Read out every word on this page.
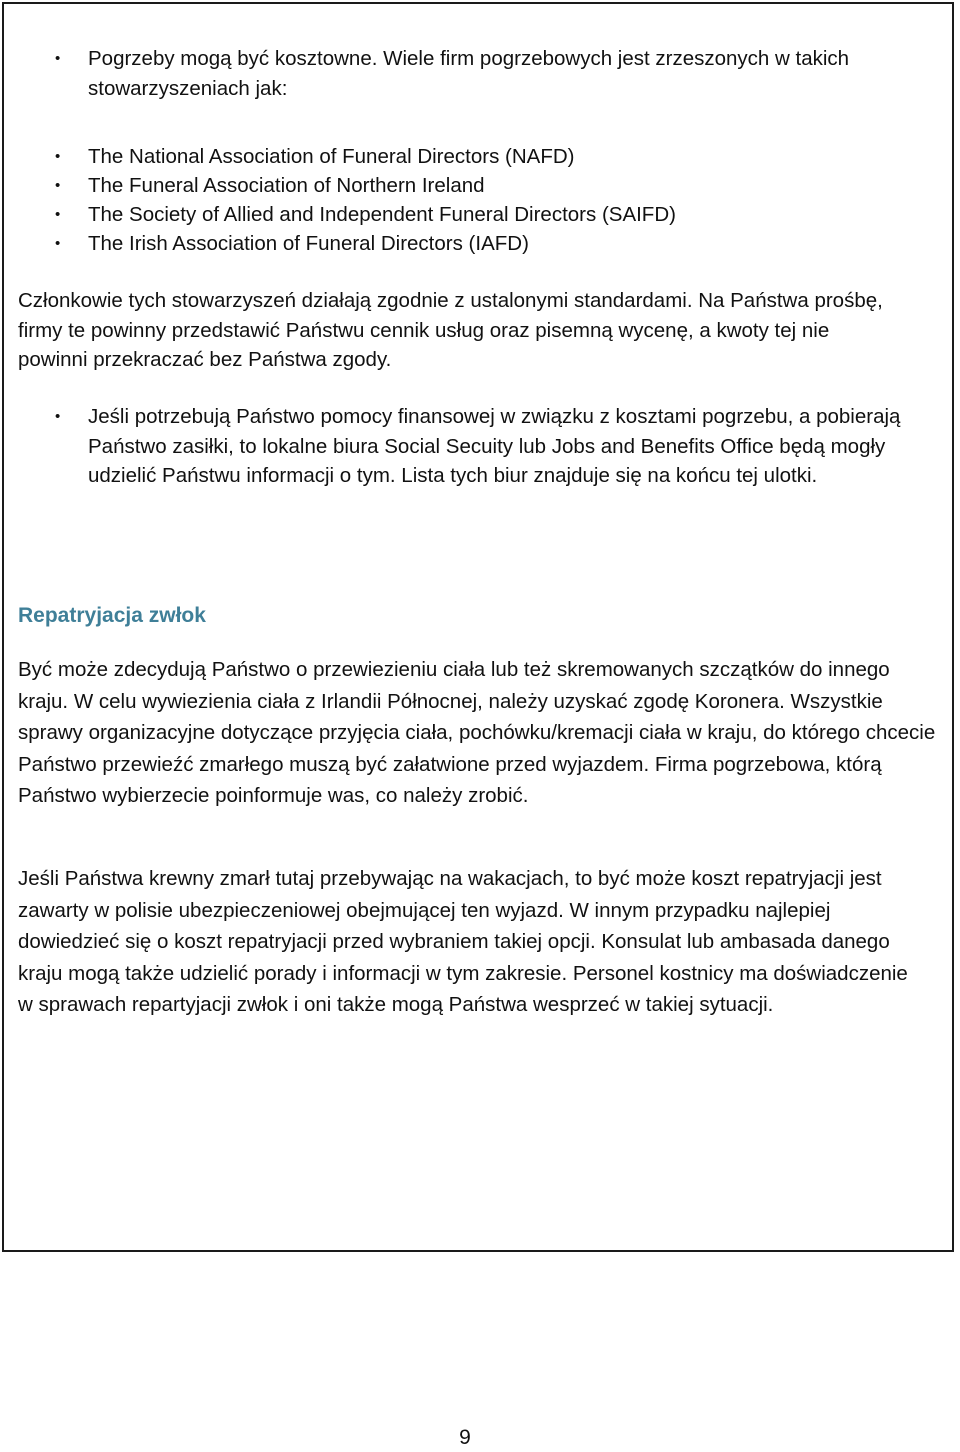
• Pogrzeby mogą być kosztowne. Wiele firm pogrzebowych jest zrzeszonych w takich stowarzyszeniach jak:
• The National Association of Funeral Directors (NAFD)
• The Funeral Association of Northern Ireland
• The Society of Allied and Independent Funeral Directors (SAIFD)
• The Irish Association of Funeral Directors (IAFD)
Członkowie tych stowarzyszeń działają zgodnie z ustalonymi standardami. Na Państwa prośbę, firmy te powinny przedstawić Państwu cennik usług oraz pisemną wycenę, a kwoty tej nie powinni przekraczać bez Państwa zgody.
• Jeśli potrzebują Państwo pomocy finansowej w związku z kosztami pogrzebu, a pobierają Państwo zasiłki, to lokalne biura Social Secuity lub Jobs and Benefits Office będą mogły udzielić Państwu informacji o tym. Lista tych biur znajduje się na końcu tej ulotki.
Repatryjacja zwłok
Być może zdecydują Państwo o przewiezieniu ciała lub też skremowanych szczątków do innego kraju. W celu wywiezienia ciała z Irlandii Północnej, należy uzyskać zgodę Koronera. Wszystkie sprawy organizacyjne dotyczące przyjęcia ciała, pochówku/kremacji ciała w kraju, do którego chcecie Państwo przewieźć zmarłego muszą być załatwione przed wyjazdem. Firma pogrzebowa, którą Państwo wybierzecie poinformuje was, co należy zrobić.
Jeśli Państwa krewny zmarł tutaj przebywając na wakacjach, to być może koszt repatryjacji jest zawarty w polisie ubezpieczeniowej obejmującej ten wyjazd. W innym przypadku najlepiej dowiedzieć się o koszt repatryjacji przed wybraniem takiej opcji. Konsulat lub ambasada danego kraju mogą także udzielić porady i informacji w tym zakresie. Personel kostnicy ma doświadczenie w sprawach repartyjacji zwłok i oni także mogą Państwa wesprzeć w takiej sytuacji.
9
